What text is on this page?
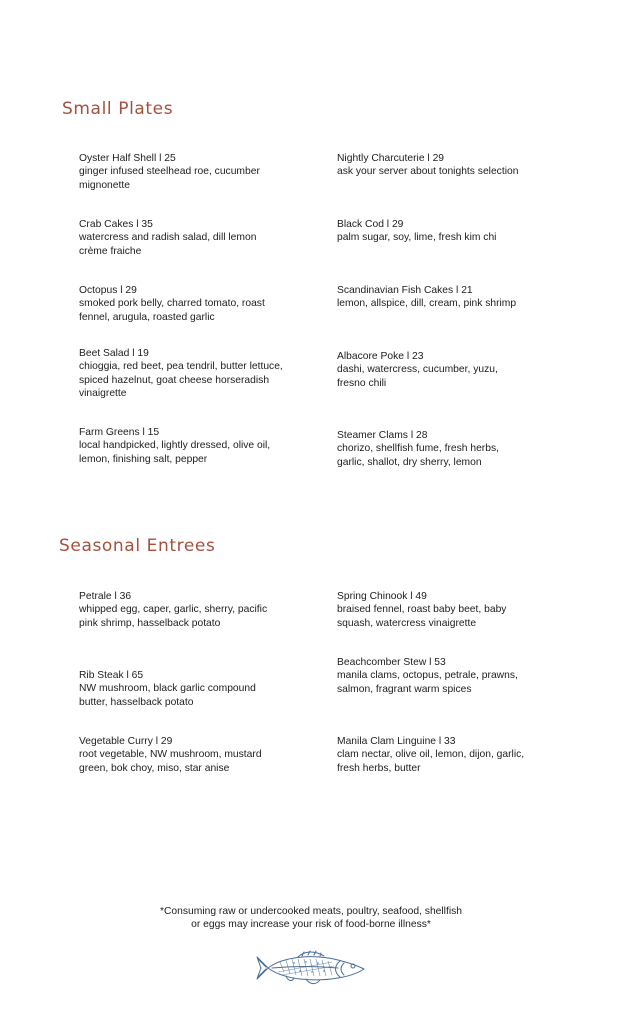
Small Plates
Oyster Half Shell l 25
ginger infused steelhead roe, cucumber mignonette
Crab Cakes l 35
watercress and radish salad, dill lemon crème fraiche
Octopus l 29
smoked pork belly, charred tomato, roast fennel, arugula, roasted garlic
Beet Salad l 19
chioggia, red beet, pea tendril, butter lettuce, spiced hazelnut, goat cheese horseradish vinaigrette
Farm Greens l 15
local handpicked, lightly dressed, olive oil, lemon, finishing salt, pepper
Nightly Charcuterie l 29
ask your server about tonights selection
Black Cod l 29
palm sugar, soy, lime, fresh kim chi
Scandinavian Fish Cakes l 21
lemon, allspice, dill, cream, pink shrimp
Albacore Poke l 23
dashi, watercress, cucumber, yuzu, fresno chili
Steamer Clams l 28
chorizo, shellfish fume, fresh herbs, garlic, shallot, dry sherry, lemon
Seasonal Entrees
Petrale l 36
whipped egg, caper, garlic, sherry, pacific pink shrimp, hasselback potato
Rib Steak l 65
NW mushroom, black garlic compound butter, hasselback potato
Vegetable Curry l 29
root vegetable, NW mushroom, mustard green, bok choy, miso, star anise
Spring Chinook l 49
braised fennel, roast baby beet, baby squash, watercress vinaigrette
Beachcomber Stew l 53
manila clams, octopus, petrale, prawns, salmon, fragrant warm spices
Manila Clam Linguine l 33
clam nectar, olive oil, lemon, dijon, garlic, fresh herbs, butter
*Consuming raw or undercooked meats, poultry, seafood, shellfish
or eggs may increase your risk of food-borne illness*
